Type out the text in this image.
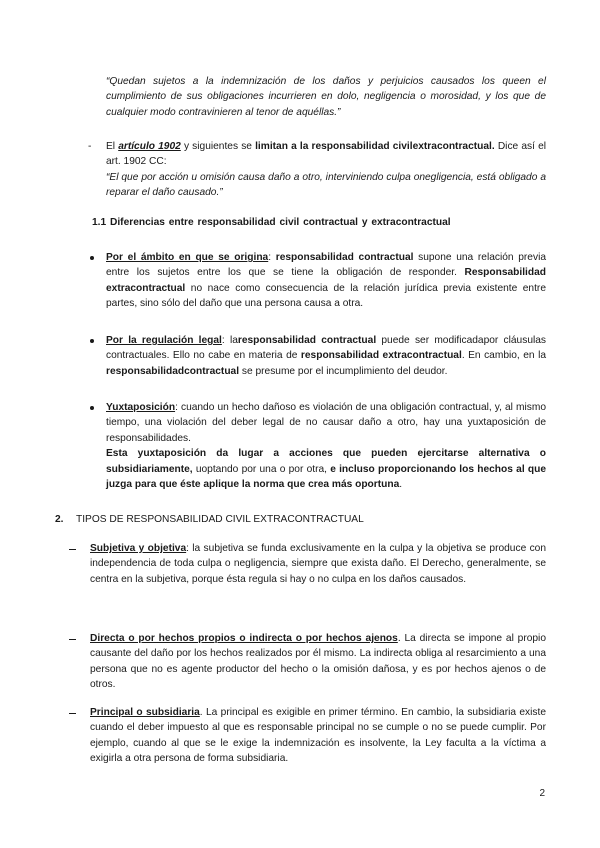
“Quedan sujetos a la indemnización de los daños y perjuicios causados los queen el cumplimiento de sus obligaciones incurrieren en dolo, negligencia o morosidad, y los que de cualquier modo contravinieren al tenor de aquéllas.”

- El artículo 1902 y siguientes se limitan a la responsabilidad civilextracontractual. Dice así el art. 1902 CC:

“El que por acción u omisión causa daño a otro, interviniendo culpa onegligencia, está obligado a reparar el daño causado.”

1.1 Diferencias entre responsabilidad civil contractual y extracontractual

Por el ámbito en que se origina: responsabilidad contractual supone una relación previa entre los sujetos entre los que se tiene la obligación de responder. Responsabilidad extracontractual no nace como consecuencia de la relación jurídica previa existente entre partes, sino sólo del daño que una persona causa a otra.
Por la regulación legal: laresponsabilidad contractual puede ser modificadapor cláusulas contractuales. Ello no cabe en materia de responsabilidad extracontractual. En cambio, en la responsabilidadcontractual se presume por el incumplimiento del deudor.
Yuxtaposición: cuando un hecho dañoso es violación de una obligación contractual, y, al mismo tiempo, una violación del deber legal de no causar daño a otro, hay una yuxtaposición de responsabilidades.

Esta yuxtaposición da lugar a acciones que pueden ejercitarse alternativa o subsidiariamente, uoptando por una o por otra, e incluso proporcionando los hechos al que juzga para que éste aplique la norma que crea más oportuna.

2. TIPOS DE RESPONSABILIDAD CIVIL EXTRACONTRACTUAL

Subjetiva y objetiva: la subjetiva se funda exclusivamente en la culpa y la objetiva se produce con independencia de toda culpa o negligencia, siempre que exista daño. El Derecho, generalmente, se centra en la subjetiva, porque ésta regula si hay o no culpa en los daños causados.
Directa o por hechos propios o indirecta o por hechos ajenos. La directa se impone al propio causante del daño por los hechos realizados por él mismo. La indirecta obliga al resarcimiento a una persona que no es agente productor del hecho o la omisión dañosa, y es por hechos ajenos o de otros.
Principal o subsidiaria. La principal es exigible en primer término. En cambio, la subsidiaria existe cuando el deber impuesto al que es responsable principal no se cumple o no se puede cumplir. Por ejemplo, cuando al que se le exige la indemnización es insolvente, la Ley faculta a la víctima a exigirla a otra persona de forma subsidiaria.
2
